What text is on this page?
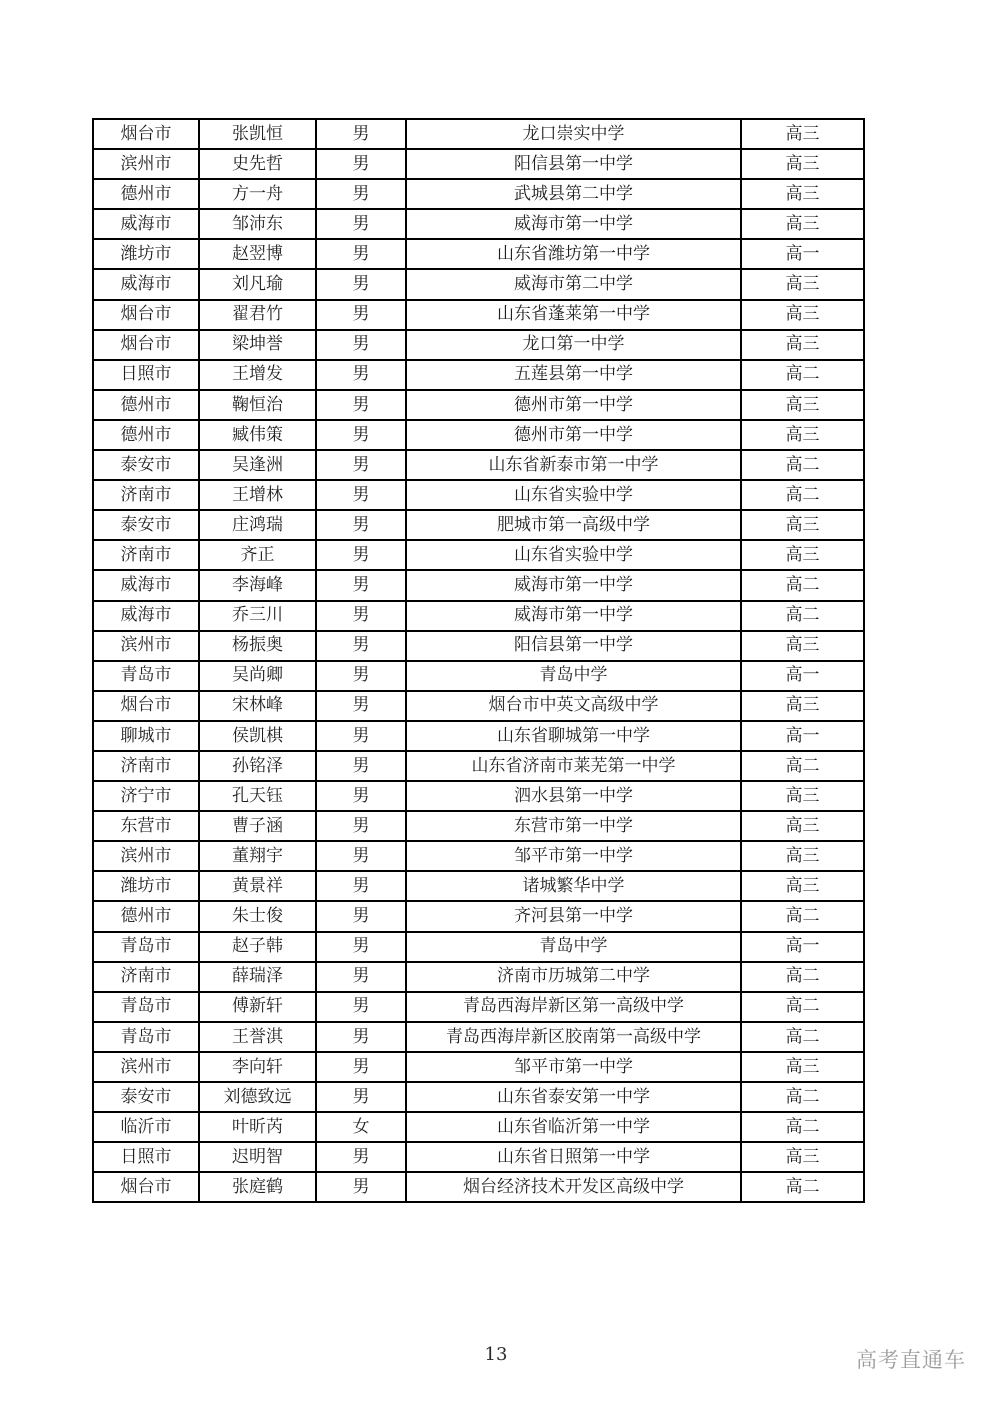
烟台市	张凯恒	男	龙口崇实中学	高三
滨州市	史先哲	男	阳信县第一中学	高三
德州市	方一舟	男	武城县第二中学	高三
威海市	邹沛东	男	威海市第一中学	高三
潍坊市	赵翌博	男	山东省潍坊第一中学	高一
威海市	刘凡瑜	男	威海市第二中学	高三
烟台市	翟君竹	男	山东省蓬莱第一中学	高三
烟台市	梁坤誉	男	龙口第一中学	高三
日照市	王增发	男	五莲县第一中学	高二
德州市	鞠恒治	男	德州市第一中学	高三
德州市	臧伟策	男	德州市第一中学	高三
泰安市	吴逢洲	男	山东省新泰市第一中学	高二
济南市	王增林	男	山东省实验中学	高二
泰安市	庄鸿瑞	男	肥城市第一高级中学	高三
济南市	齐正	男	山东省实验中学	高三
威海市	李海峰	男	威海市第一中学	高二
威海市	乔三川	男	威海市第一中学	高二
滨州市	杨振奥	男	阳信县第一中学	高三
青岛市	吴尚卿	男	青岛中学	高一
烟台市	宋林峰	男	烟台市中英文高级中学	高三
聊城市	侯凯棋	男	山东省聊城第一中学	高一
济南市	孙铭泽	男	山东省济南市莱芜第一中学	高二
济宁市	孔天钰	男	泗水县第一中学	高三
东营市	曹子涵	男	东营市第一中学	高三
滨州市	董翔宇	男	邹平市第一中学	高三
潍坊市	黄景祥	男	诸城繁华中学	高三
德州市	朱士俊	男	齐河县第一中学	高二
青岛市	赵子韩	男	青岛中学	高一
济南市	薛瑞泽	男	济南市历城第二中学	高二
青岛市	傅新轩	男	青岛西海岸新区第一高级中学	高二
青岛市	王誉淇	男	青岛西海岸新区胶南第一高级中学	高二
滨州市	李向轩	男	邹平市第一中学	高三
泰安市	刘德致远	男	山东省泰安第一中学	高二
临沂市	叶昕芮	女	山东省临沂第一中学	高二
日照市	迟明智	男	山东省日照第一中学	高三
烟台市	张庭鹤	男	烟台经济技术开发区高级中学	高二
13	高考直通车
